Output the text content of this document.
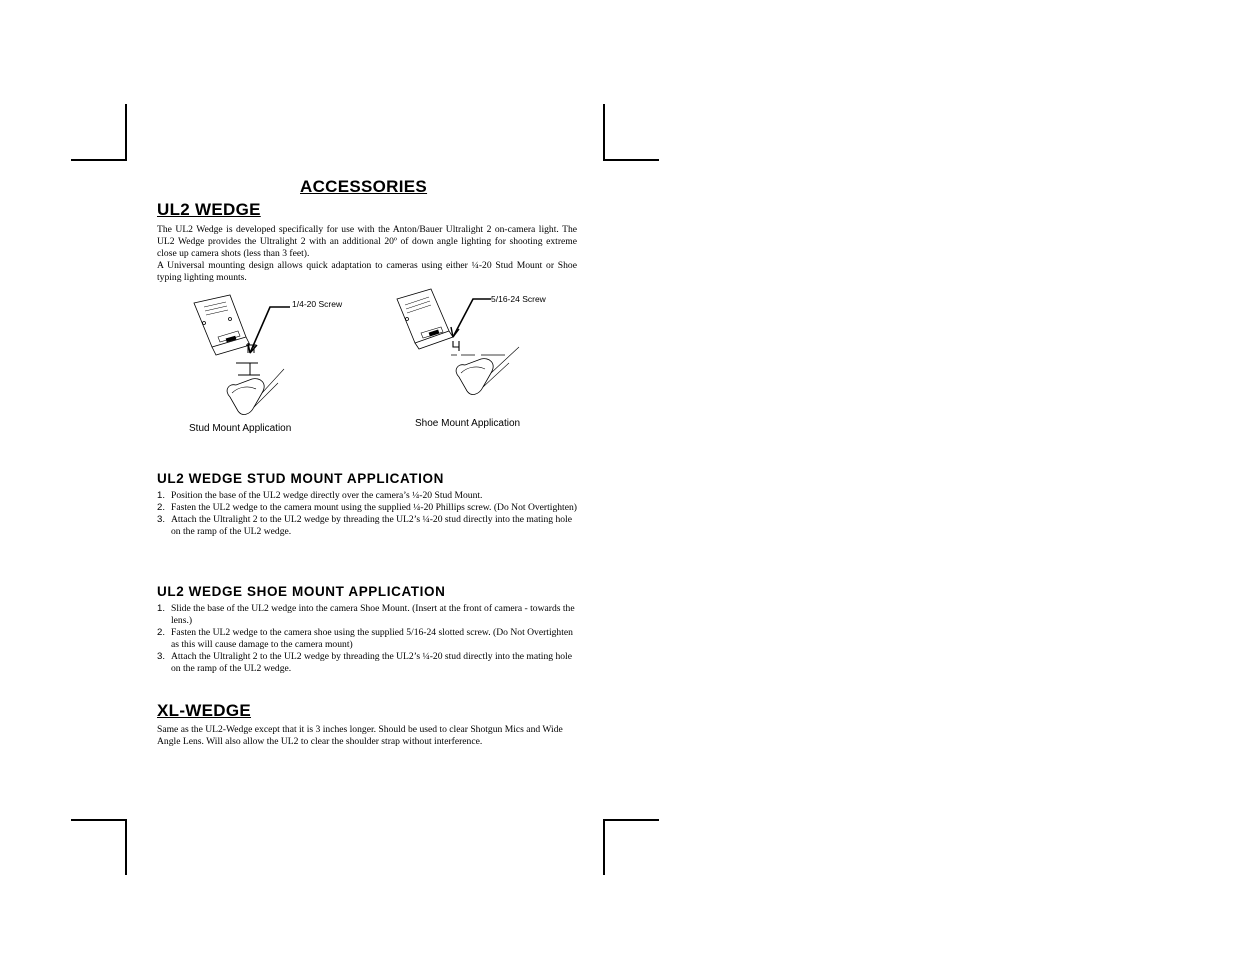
ACCESSORIES
UL2 WEDGE
The UL2 Wedge is developed specifically for use with the Anton/Bauer Ultralight 2 on-camera light. The UL2 Wedge provides the Ultralight 2 with an additional 20º of down angle lighting for shooting extreme close up camera shots (less than 3 feet).
A Universal mounting design allows quick adaptation to cameras using either ¼-20 Stud Mount or Shoe typing lighting mounts.
1/4-20 Screw
Stud Mount Application
5/16-24 Screw
Shoe Mount Application
UL2 WEDGE STUD MOUNT APPLICATION
1. Position the base of the UL2 wedge directly over the camera’s ¼-20 Stud Mount.
2. Fasten the UL2 wedge to the camera mount using the supplied ¼-20 Phillips screw. (Do Not Overtighten)
3. Attach the Ultralight 2 to the UL2 wedge by threading the UL2’s ¼-20 stud directly into the mating hole on the ramp of the UL2 wedge.
UL2 WEDGE SHOE MOUNT APPLICATION
1. Slide the base of the UL2 wedge into the camera Shoe Mount. (Insert at the front of camera - towards the lens.)
2. Fasten the UL2 wedge to the camera shoe using the supplied 5/16-24 slotted screw. (Do Not Overtighten as this will cause damage to the camera mount)
3. Attach the Ultralight 2 to the UL2 wedge by threading the UL2’s ¼-20 stud directly into the mating hole on the ramp of the UL2 wedge.
XL-WEDGE
Same as the UL2-Wedge except that it is 3 inches longer. Should be used to clear Shotgun Mics and Wide Angle Lens. Will also allow the UL2 to clear the shoulder strap without interference.
